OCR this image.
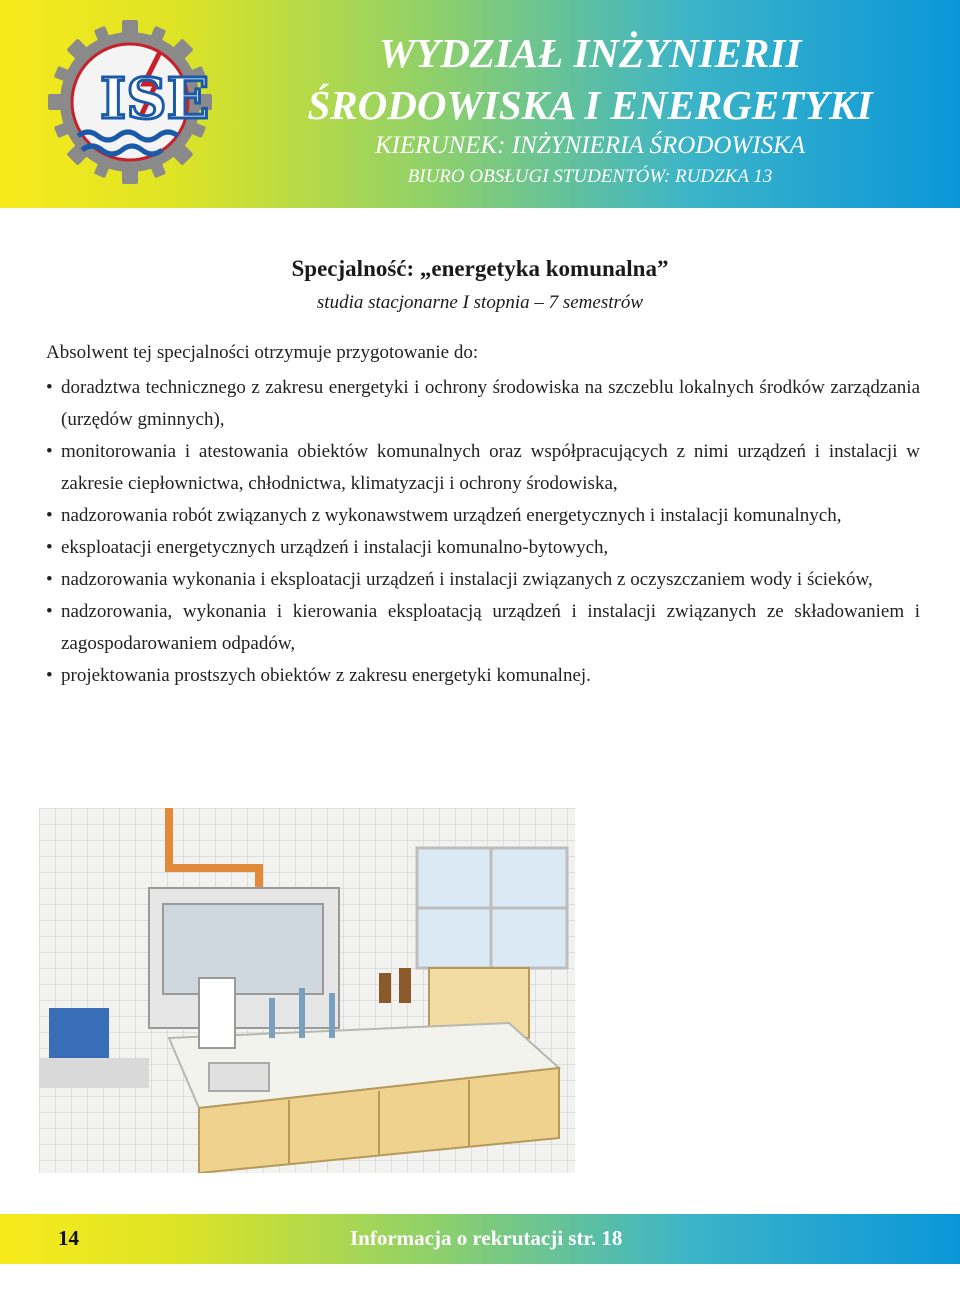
ISE
WYDZIAŁ INŻYNIERII
ŚRODOWISKA I ENERGETYKI
KIERUNEK: INŻYNIERIA ŚRODOWISKA
BIURO OBSŁUGI STUDENTÓW: RUDZKA 13
Specjalność: „energetyka komunalna”
studia stacjonarne I stopnia – 7 semestrów
Absolwent tej specjalności otrzymuje przygotowanie do:
• doradztwa technicznego z zakresu energetyki i ochrony środowiska na szczeblu lokalnych środków zarządzania (urzędów gminnych),
• monitorowania i atestowania obiektów komunalnych oraz współpracujących z nimi urządzeń i instalacji w zakresie ciepłownictwa, chłodnictwa, klimatyzacji i ochrony środowiska,
• nadzorowania robót związanych z wykonawstwem urządzeń energetycznych i instalacji komunalnych,
• eksploatacji energetycznych urządzeń i instalacji komunalno-bytowych,
• nadzorowania wykonania i eksploatacji urządzeń i instalacji związanych z oczyszczaniem wody i ścieków,
• nadzorowania, wykonania i kierowania eksploatacją urządzeń i instalacji związanych ze składowaniem i zagospodarowaniem odpadów,
• projektowania prostszych obiektów z zakresu energetyki komunalnej.
14	Informacja o rekrutacji str. 18
